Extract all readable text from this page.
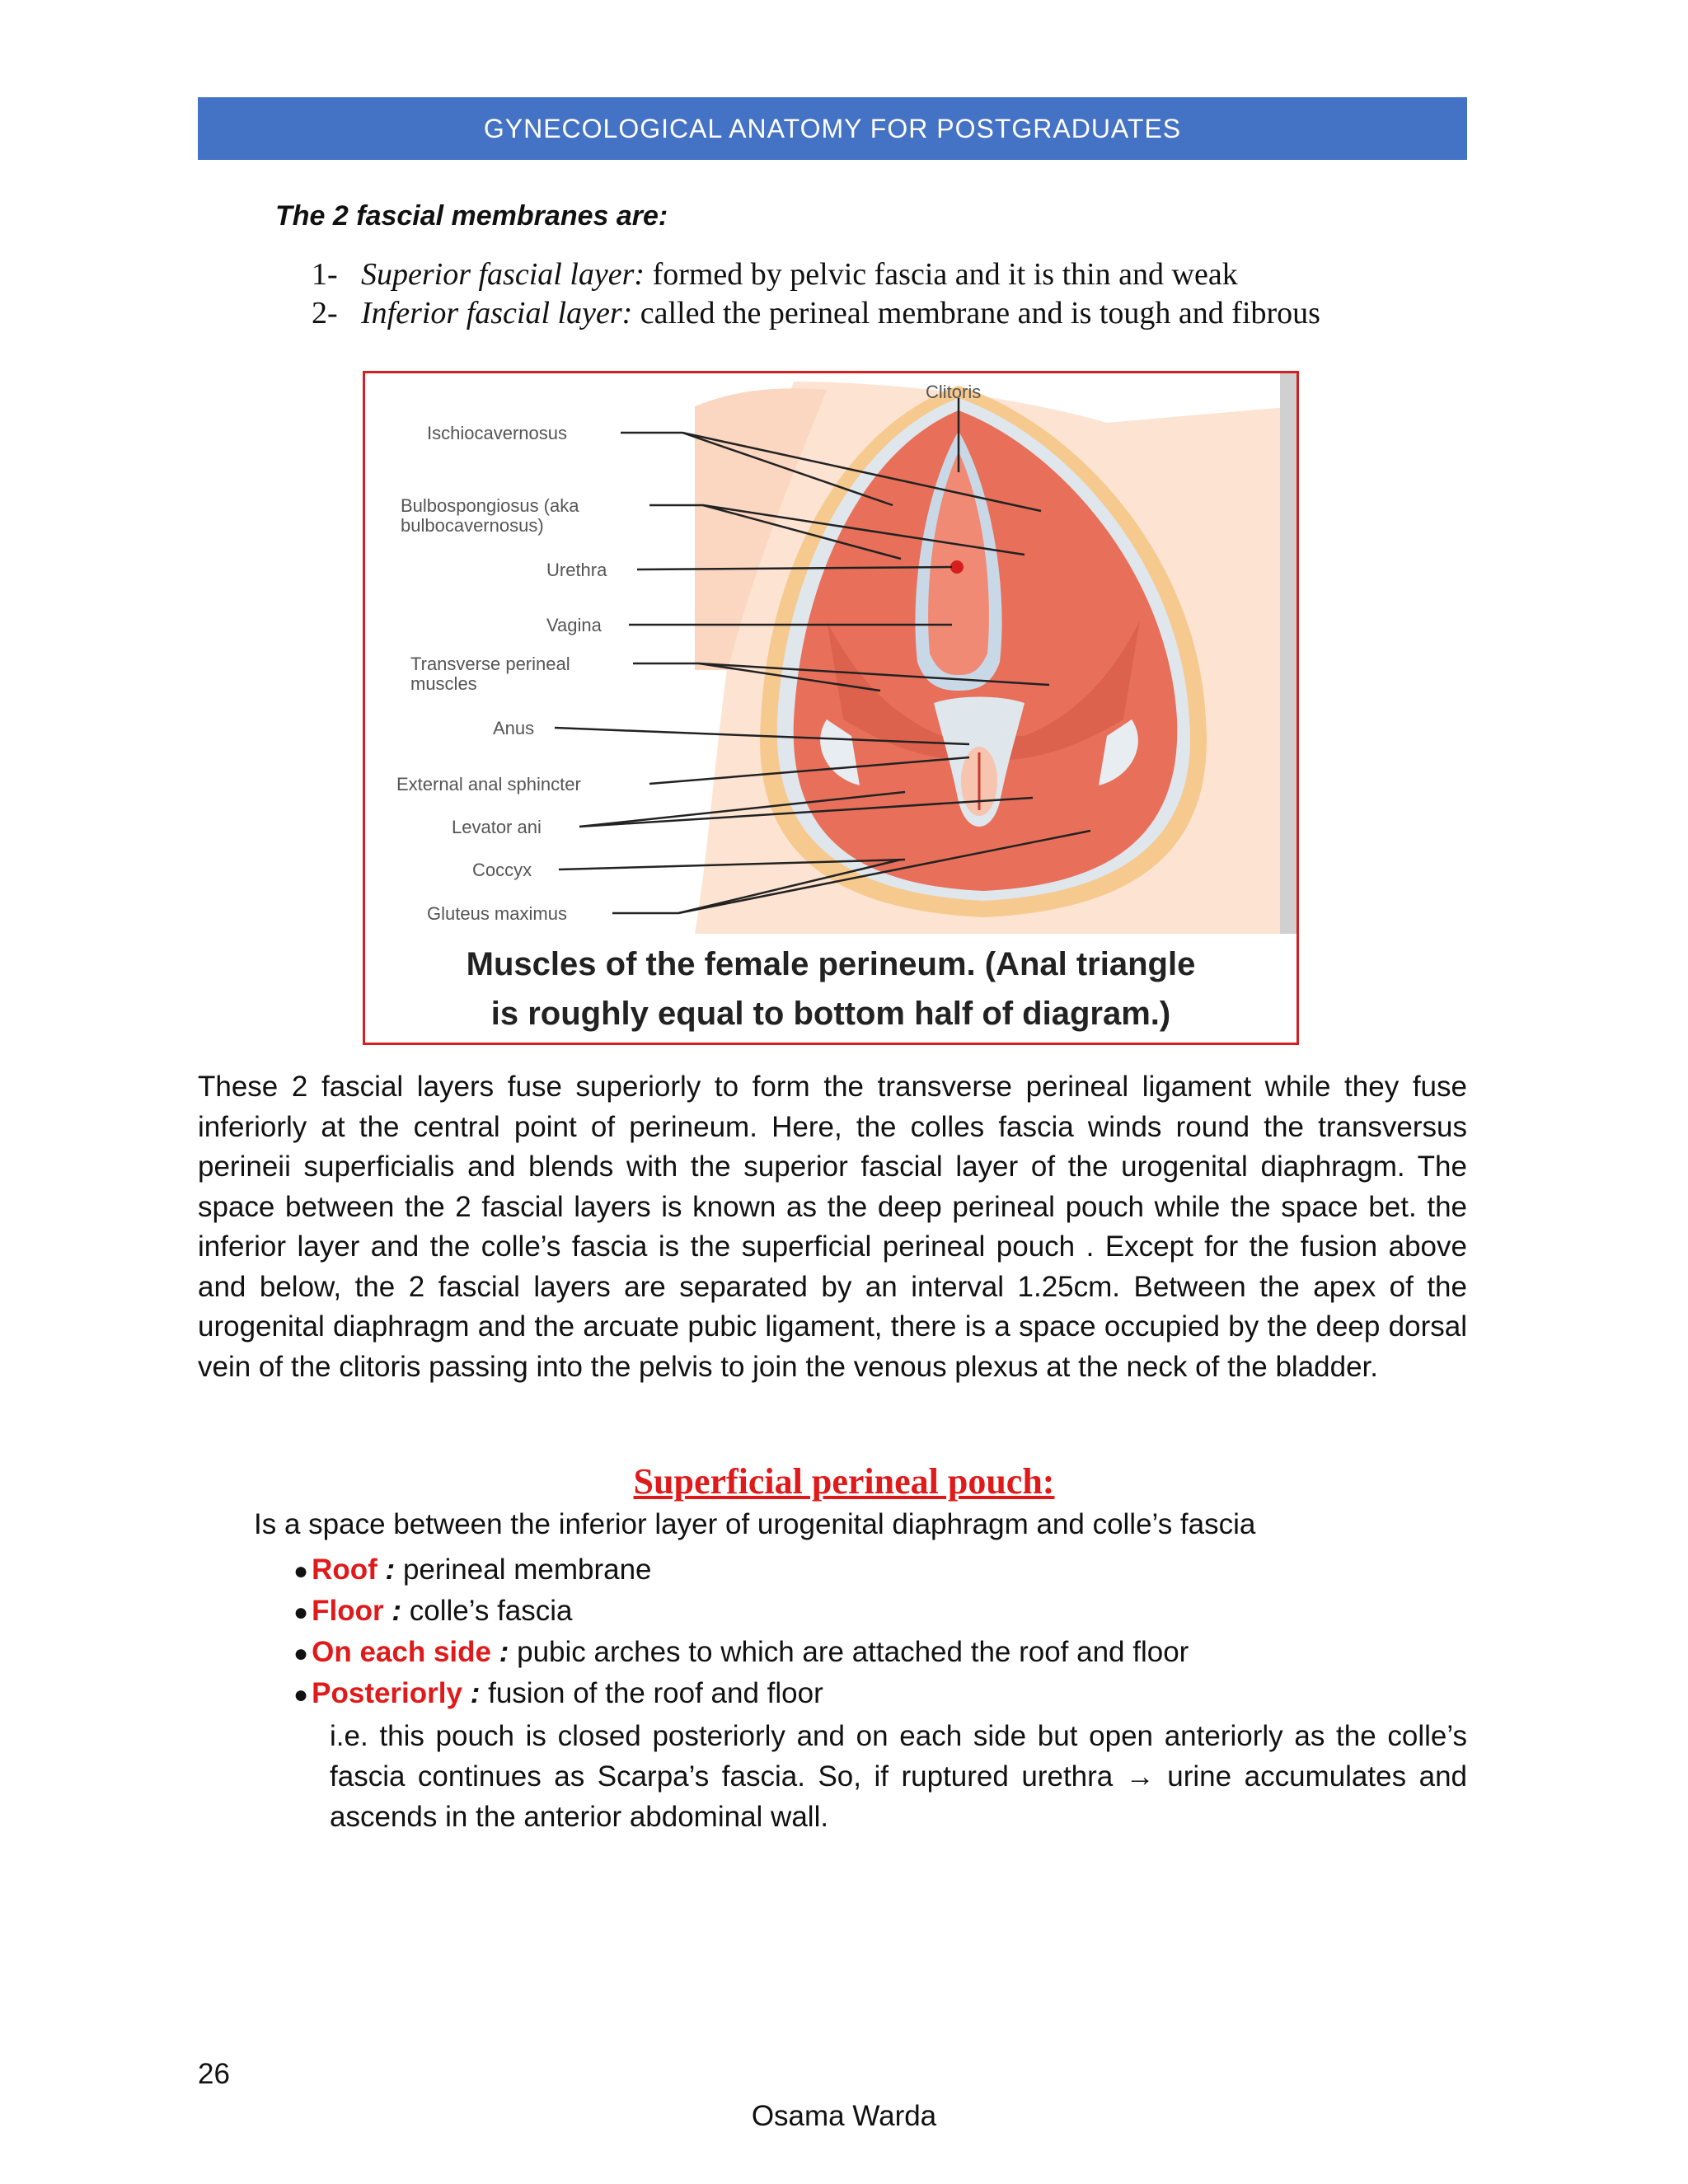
GYNECOLOGICAL ANATOMY FOR POSTGRADUATES
The 2 fascial membranes are:
1- Superior fascial layer: formed by pelvic fascia and it is thin and weak
2- Inferior fascial layer: called the perineal membrane and is tough and fibrous
Clitoris
Ischiocavernosus
Bulbospongiosus (aka
bulbocavernosus)
Urethra
Vagina
Transverse perineal
muscles
Anus
External anal sphincter
Levator ani
Coccyx
Gluteus maximus
Muscles of the female perineum. (Anal triangle
is roughly equal to bottom half of diagram.)
These 2 fascial layers fuse superiorly to form the transverse perineal ligament while they fuse inferiorly at the central point of perineum. Here, the colles fascia winds round the transversus perineii superficialis and blends with the superior fascial layer of the urogenital diaphragm. The space between the 2 fascial layers is known as the deep perineal pouch while the space bet. the inferior layer and the colle’s fascia is the superficial perineal pouch . Except for the fusion above and below, the 2 fascial layers are separated by an interval 1.25cm. Between the apex of the urogenital diaphragm and the arcuate pubic ligament, there is a space occupied by the deep dorsal vein of the clitoris passing into the pelvis to join the venous plexus at the neck of the bladder.
Superficial perineal pouch:
Is a space between the inferior layer of urogenital diaphragm and colle’s fascia
● Roof : perineal membrane
● Floor : colle’s fascia
● On each side : pubic arches to which are attached the roof and floor
● Posteriorly : fusion of the roof and floor
i.e. this pouch is closed posteriorly and on each side but open anteriorly as the colle’s fascia continues as Scarpa’s fascia. So, if ruptured urethra → urine accumulates and ascends in the anterior abdominal wall.
26
Osama Warda
